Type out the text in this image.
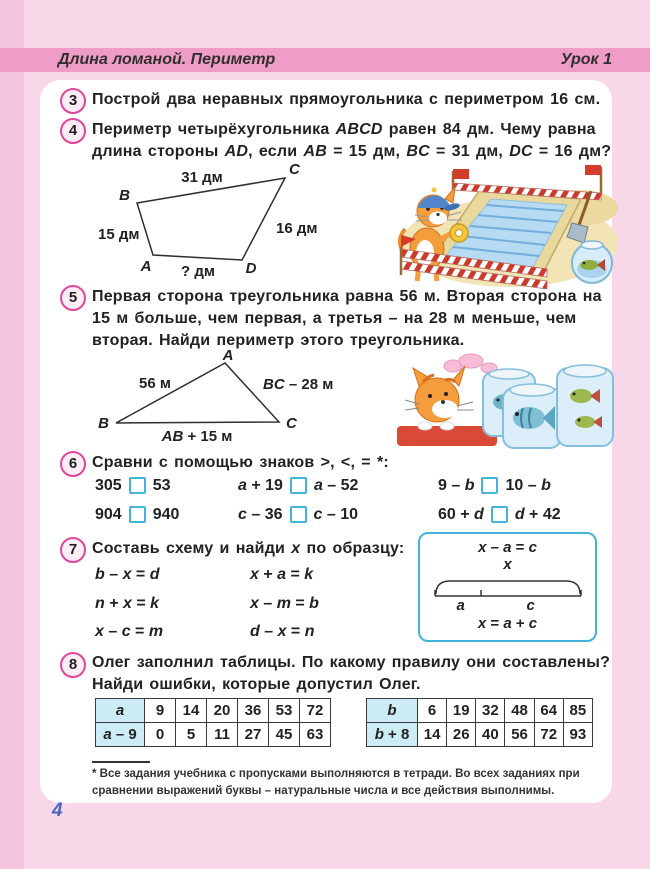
Длина ломаной. Периметр	Урок 1
3 Построй два неравных прямоугольника с периметром 16 см.
4 Периметр четырёхугольника ABCD равен 84 дм. Чему равна
длина стороны AD, если AB = 15 дм, BC = 31 дм, DC = 16 дм?
B
C
A	D
31 дм
15 дм	16 дм
? дм
5 Первая сторона треугольника равна 56 м. Вторая сторона на
15 м больше, чем первая, а третья – на 28 м меньше, чем
вторая. Найди периметр этого треугольника.
A
B	C
56 м	BC – 28 м
AB + 15 м
6 Сравни с помощью знаков >, <, = *:
305 53	a + 19 a – 52	9 – b 10 – b
904 940	c – 36 c – 10	60 + d d + 42
7 Составь схему и найди x по образцу:
b – x = d	x + a = k
n + x = k	x – m = b
x – c = m	d – x = n
x – a = c
x
a	c
x = a + c
8 Олег заполнил таблицы. По какому правилу они составлены?
Найди ошибки, которые допустил Олег.
a	9	14	20	36	53	72
a – 9	0	5	11	27	45	63
b	6	19	32	48	64	85
b + 8	14	26	40	56	72	93
* Все задания учебника с пропусками выполняются в тетради. Во всех заданиях при
сравнении выражений буквы – натуральные числа и все действия выполнимы.
4
